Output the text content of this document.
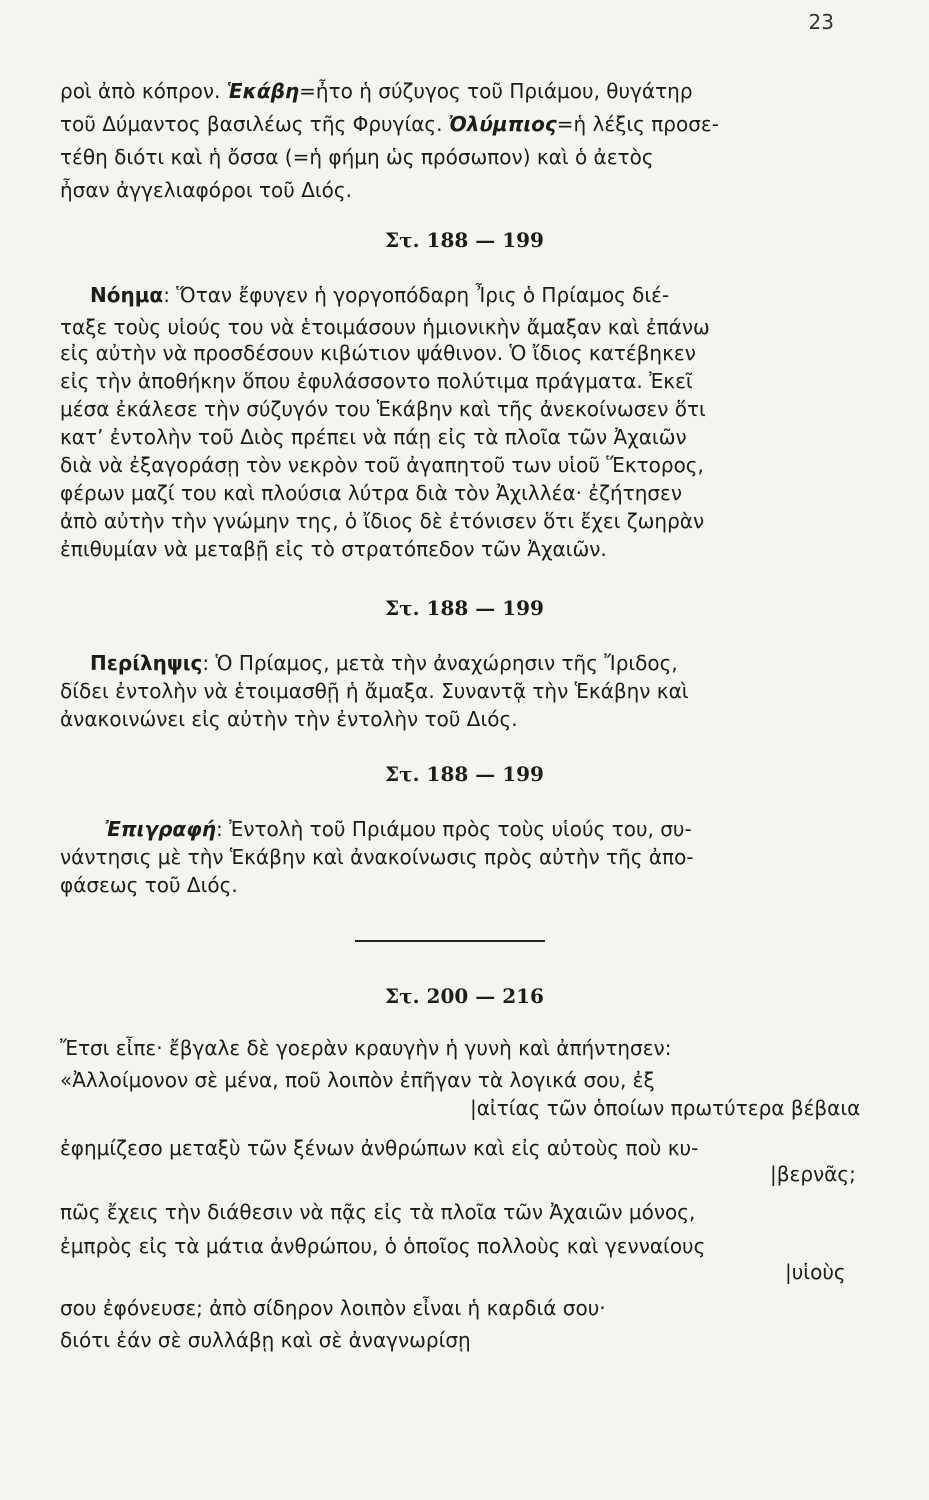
23
ροὶ ἀπὸ κόπρον. Ἑκάβη=ἦτο ἡ σύζυγος τοῦ Πριάμου, θυγάτηρ
τοῦ Δύμαντος βασιλέως τῆς Φρυγίας. Ὀλύμπιος=ἡ λέξις προσε-
τέθη διότι καὶ ἡ ὄσσα (=ἡ φήμη ὡς πρόσωπον) καὶ ὁ ἀετὸς
ἦσαν ἀγγελιαφόροι τοῦ Διός.
Στ. 188 — 199
Νόημα: Ὅταν ἔφυγεν ἡ γοργοπόδαρη Ἶρις ὁ Πρίαμος διέ-
ταξε τοὺς υἱούς του νὰ ἑτοιμάσουν ἡμιονικὴν ἄμαξαν καὶ ἐπάνω
εἰς αὐτὴν νὰ προσδέσουν κιβώτιον ψάθινον. Ὁ ἴδιος κατέβηκεν
εἰς τὴν ἀποθήκην ὅπου ἐφυλάσσοντο πολύτιμα πράγματα. Ἐκεῖ
μέσα ἐκάλεσε τὴν σύζυγόν του Ἑκάβην καὶ τῆς ἀνεκοίνωσεν ὅτι
κατ’ ἐντολὴν τοῦ Διὸς πρέπει νὰ πάῃ εἰς τὰ πλοῖα τῶν Ἀχαιῶν
διὰ νὰ ἐξαγοράσῃ τὸν νεκρὸν τοῦ ἀγαπητοῦ των υἱοῦ Ἕκτορος,
φέρων μαζί του καὶ πλούσια λύτρα διὰ τὸν Ἀχιλλέα· ἐζήτησεν
ἀπὸ αὐτὴν τὴν γνώμην της, ὁ ἴδιος δὲ ἐτόνισεν ὅτι ἔχει ζωηρὰν
ἐπιθυμίαν νὰ μεταβῇ εἰς τὸ στρατόπεδον τῶν Ἀχαιῶν.
Στ. 188 — 199
Περίληψις: Ὁ Πρίαμος, μετὰ τὴν ἀναχώρησιν τῆς Ἴριδος,
δίδει ἐντολὴν νὰ ἑτοιμασθῇ ἡ ἄμαξα. Συναντᾷ τὴν Ἑκάβην καὶ
ἀνακοινώνει εἰς αὐτὴν τὴν ἐντολὴν τοῦ Διός.
Στ. 188 — 199
Ἐπιγραφή: Ἐντολὴ τοῦ Πριάμου πρὸς τοὺς υἱούς του, συ-
νάντησις μὲ τὴν Ἑκάβην καὶ ἀνακοίνωσις πρὸς αὐτὴν τῆς ἀπο-
φάσεως τοῦ Διός.
Στ. 200 — 216
Ἔτσι εἶπε· ἔβγαλε δὲ γοερὰν κραυγὴν ἡ γυνὴ καὶ ἀπήντησεν:
«Ἀλλοίμονον σὲ μένα, ποῦ λοιπὸν ἐπῆγαν τὰ λογικά σου, ἐξ
|αἰτίας τῶν ὁποίων πρωτύτερα βέβαια
ἐφημίζεσο μεταξὺ τῶν ξένων ἀνθρώπων καὶ εἰς αὐτοὺς ποὺ κυ-
|βερνᾶς;
πῶς ἔχεις τὴν διάθεσιν νὰ πᾷς εἰς τὰ πλοῖα τῶν Ἀχαιῶν μόνος,
ἐμπρὸς εἰς τὰ μάτια ἀνθρώπου, ὁ ὁποῖος πολλοὺς καὶ γενναίους
|υἱοὺς
σου ἐφόνευσε; ἀπὸ σίδηρον λοιπὸν εἶναι ἡ καρδιά σου·
διότι ἐάν σὲ συλλάβῃ καὶ σὲ ἀναγνωρίσῃ
